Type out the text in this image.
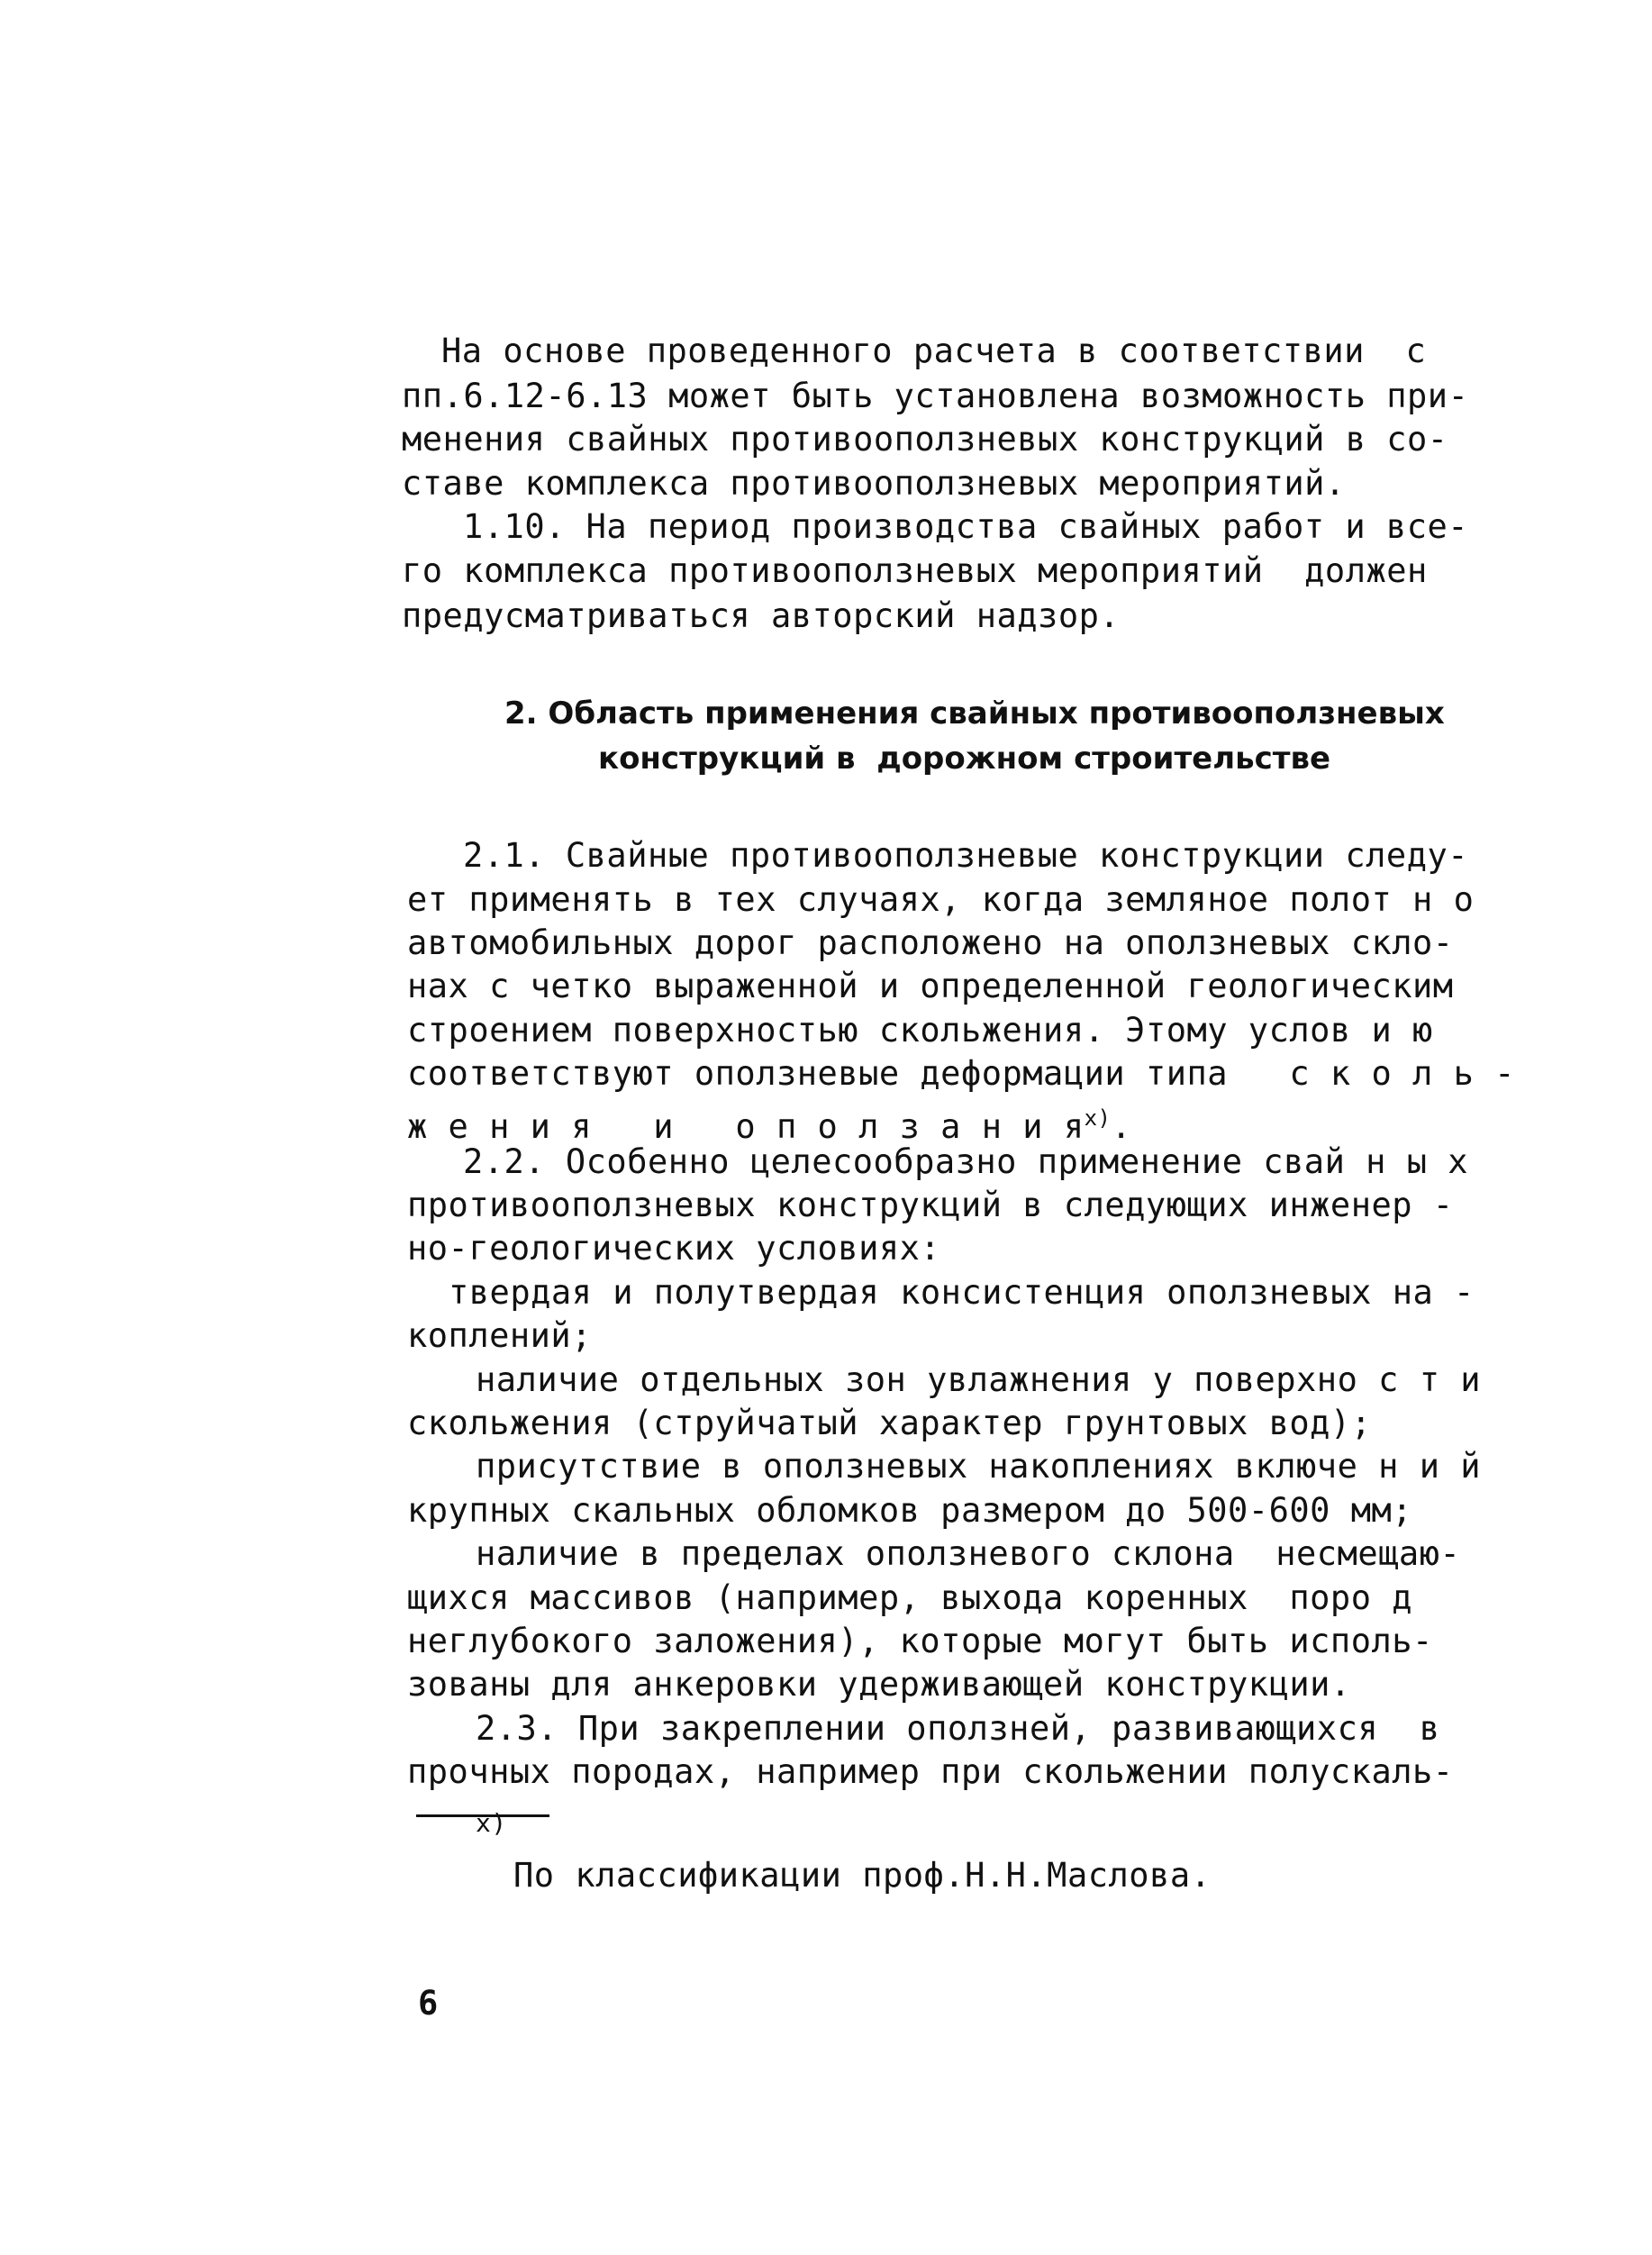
На основе проведенного расчета в соответствии  с
пп.6.12-6.13 может быть установлена возможность при-
менения свайных противооползневых конструкций в со-
ставе комплекса противооползневых мероприятий.
1.10. На период производства свайных работ и все-
го комплекса противооползневых мероприятий  должен
предусматриваться авторский надзор.
2. Область применения свайных противооползневых
конструкций в  дорожном строительстве
2.1. Свайные противооползневые конструкции следу-
ет применять в тех случаях, когда земляное полот н о
автомобильных дорог расположено на оползневых скло-
нах с четко выраженной и определенной геологическим
строением поверхностью скольжения. Этому услов и ю
соответствуют оползневые деформации типа   с к о л ь -
ж е н и я   и   о п о л з а н и $я^{х)}$.
2.2. Особенно целесообразно применение свай н ы х
противооползневых конструкций в следующих инженер -
но-геологических условиях:
твердая и полутвердая консистенция оползневых на -
коплений;
наличие отдельных зон увлажнения у поверхно с т и
скольжения (струйчатый характер грунтовых вод);
присутствие в оползневых накоплениях включе н и й
крупных скальных обломков размером до 500-600 мм;
наличие в пределах оползневого склона  несмещаю-
щихся массивов (например, выхода коренных  поро д
неглубокого заложения), которые могут быть исполь-
зованы для анкеровки удерживающей конструкции.
2.3. При закреплении оползней, развивающихся  в
прочных породах, например при скольжении полускаль-
х)
По классификации проф.Н.Н.Маслова.
6
